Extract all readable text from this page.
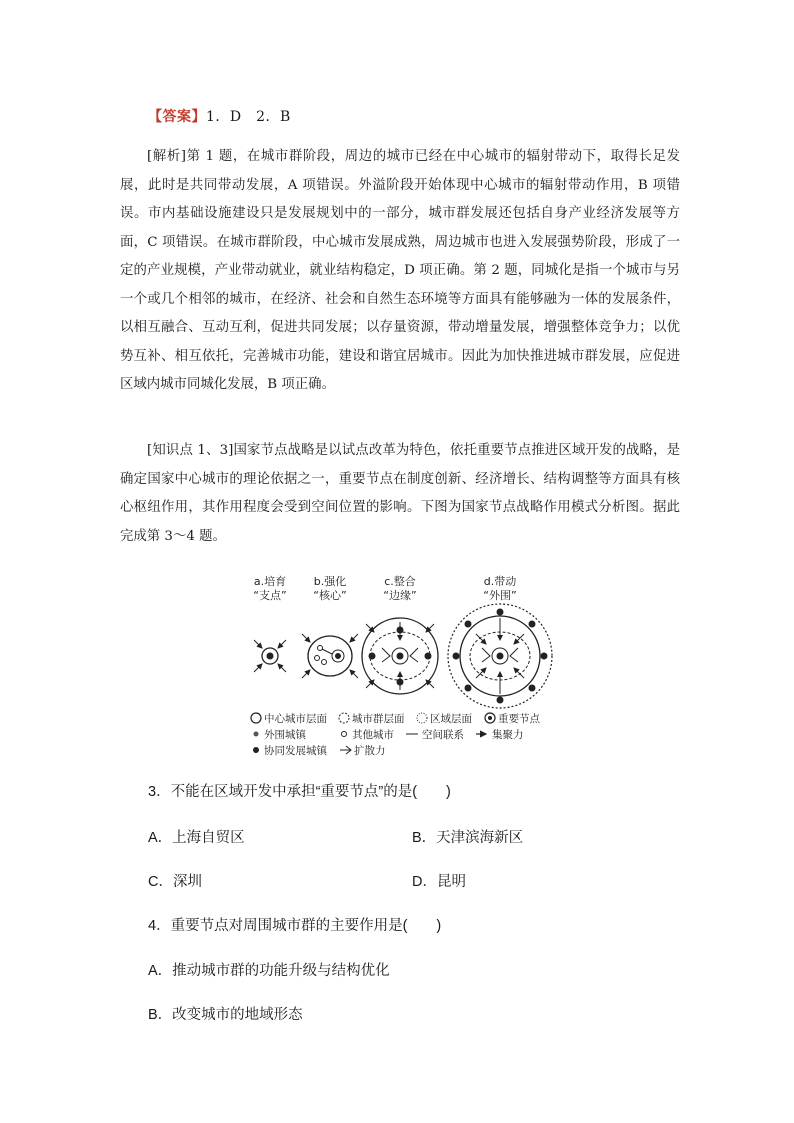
【答案】1．D　2．B
[解析]第 1 题，在城市群阶段，周边的城市已经在中心城市的辐射带动下，取得长足发展，此时是共同带动发展，A 项错误。外溢阶段开始体现中心城市的辐射带动作用，B 项错误。市内基础设施建设只是发展规划中的一部分，城市群发展还包括自身产业经济发展等方面，C 项错误。在城市群阶段，中心城市发展成熟，周边城市也进入发展强势阶段，形成了一定的产业规模，产业带动就业，就业结构稳定，D 项正确。第 2 题，同城化是指一个城市与另一个或几个相邻的城市，在经济、社会和自然生态环境等方面具有能够融为一体的发展条件，以相互融合、互动互利，促进共同发展；以存量资源，带动增量发展，增强整体竞争力；以优势互补、相互依托，完善城市功能，建设和谐宜居城市。因此为加快推进城市群发展，应促进区域内城市同城化发展，B 项正确。
[知识点 1、3]国家节点战略是以试点改革为特色，依托重要节点推进区域开发的战略，是确定国家中心城市的理论依据之一，重要节点在制度创新、经济增长、结构调整等方面具有核心枢纽作用，其作用程度会受到空间位置的影响。下图为国家节点战略作用模式分析图。据此完成第 3～4 题。
a.培育
“支点”
b.强化
“核心”
c.整合
“边缘”
d.带动
“外围”
中心城市层面 城市群层面 区域层面 重要节点
外围城镇	其他城市	空间联系	集聚力
协同发展城镇	扩散力
3．不能在区域开发中承担“重要节点”的是(　　)
A．上海自贸区	B．天津滨海新区
C．深圳	D．昆明
4．重要节点对周围城市群的主要作用是(　　)
A．推动城市群的功能升级与结构优化
B．改变城市的地域形态
